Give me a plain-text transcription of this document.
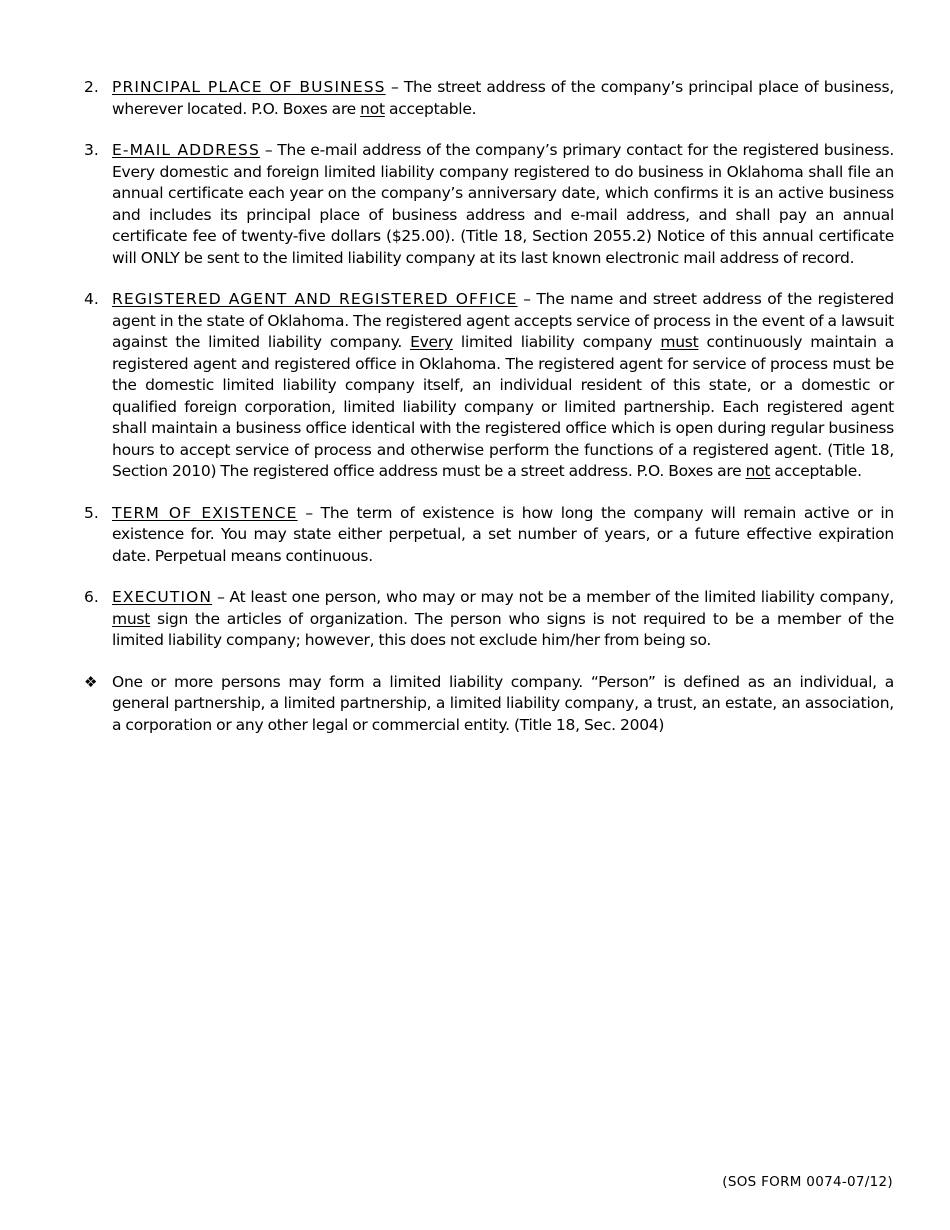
2. PRINCIPAL PLACE OF BUSINESS – The street address of the company’s principal place of business, wherever located. P.O. Boxes are not acceptable.
3. E-MAIL ADDRESS – The e-mail address of the company’s primary contact for the registered business. Every domestic and foreign limited liability company registered to do business in Oklahoma shall file an annual certificate each year on the company’s anniversary date, which confirms it is an active business and includes its principal place of business address and e-mail address, and shall pay an annual certificate fee of twenty-five dollars ($25.00). (Title 18, Section 2055.2) Notice of this annual certificate will ONLY be sent to the limited liability company at its last known electronic mail address of record.
4. REGISTERED AGENT AND REGISTERED OFFICE – The name and street address of the registered agent in the state of Oklahoma. The registered agent accepts service of process in the event of a lawsuit against the limited liability company. Every limited liability company must continuously maintain a registered agent and registered office in Oklahoma. The registered agent for service of process must be the domestic limited liability company itself, an individual resident of this state, or a domestic or qualified foreign corporation, limited liability company or limited partnership. Each registered agent shall maintain a business office identical with the registered office which is open during regular business hours to accept service of process and otherwise perform the functions of a registered agent. (Title 18, Section 2010) The registered office address must be a street address. P.O. Boxes are not acceptable.
5. TERM OF EXISTENCE – The term of existence is how long the company will remain active or in existence for. You may state either perpetual, a set number of years, or a future effective expiration date. Perpetual means continuous.
6. EXECUTION – At least one person, who may or may not be a member of the limited liability company, must sign the articles of organization. The person who signs is not required to be a member of the limited liability company; however, this does not exclude him/her from being so.
❖ One or more persons may form a limited liability company. “Person” is defined as an individual, a general partnership, a limited partnership, a limited liability company, a trust, an estate, an association, a corporation or any other legal or commercial entity. (Title 18, Sec. 2004)
(SOS FORM 0074-07/12)
